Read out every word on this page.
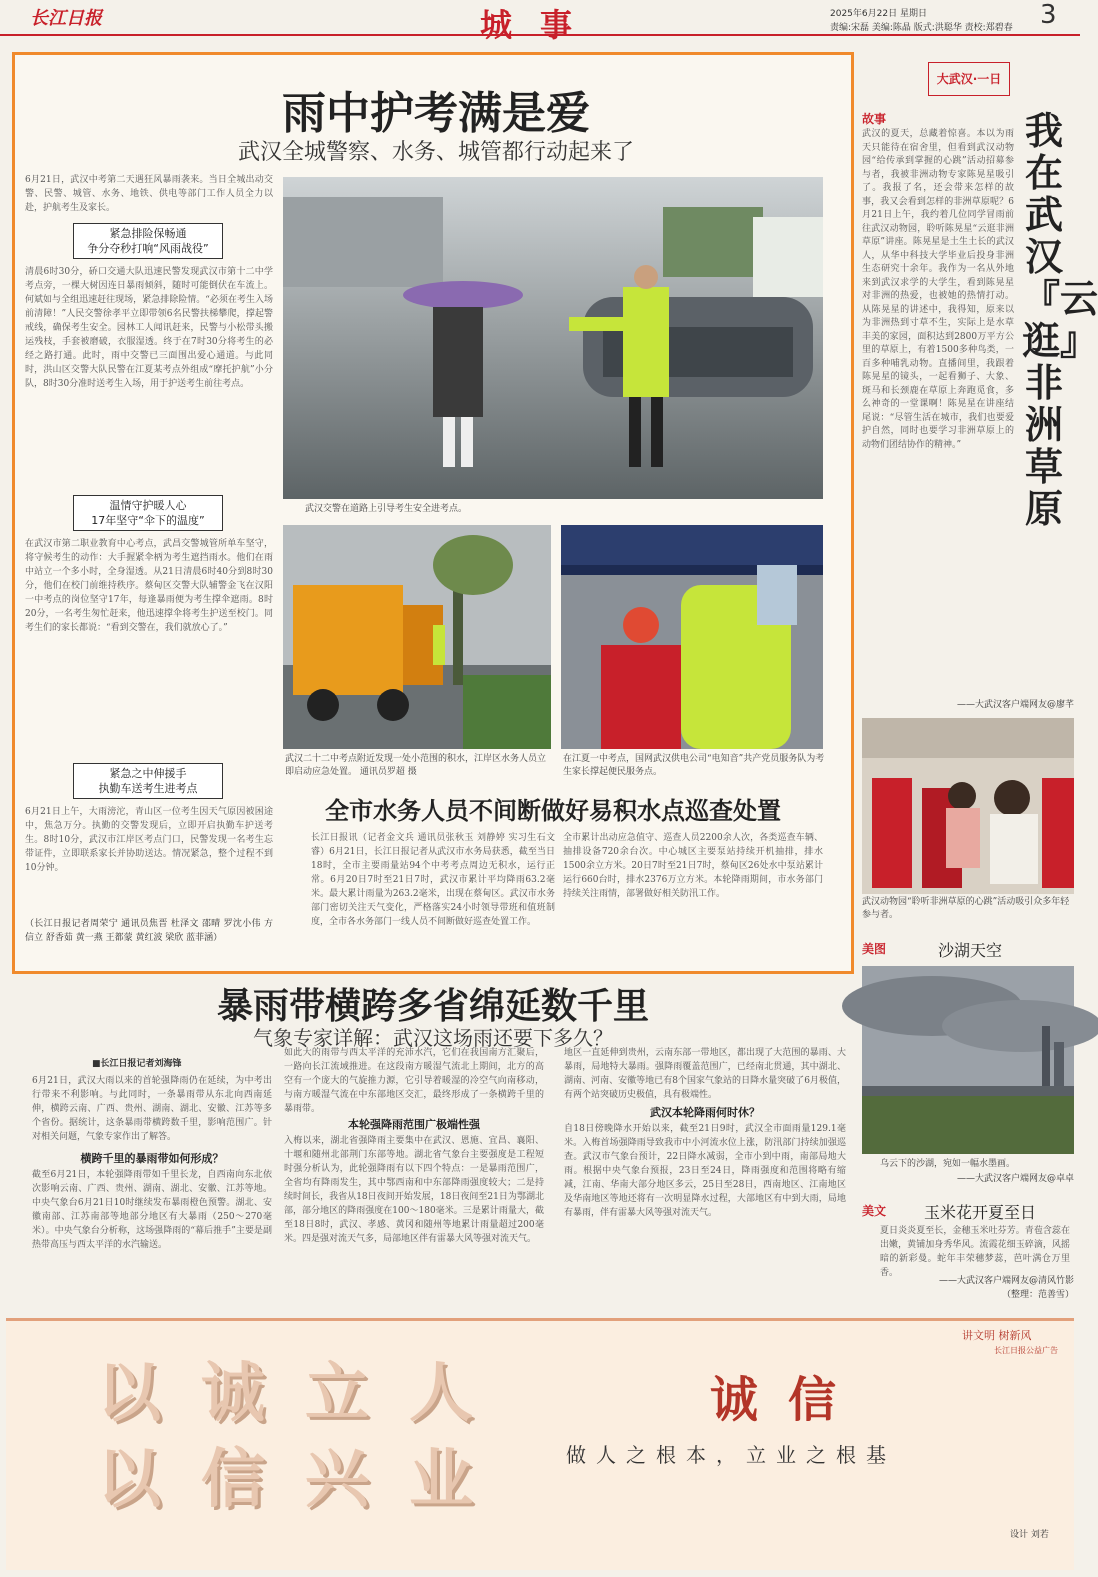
长江日报	城事	2025年6月22日 星期日
责编:宋磊 美编:陈晶 版式:洪聪华 责校:郑碧春 3
雨中护考满是爱
武汉全城警察、水务、城管都行动起来了
6月21日，武汉中考第二天遇狂风暴雨袭来。当日全城出动交警、民警、城管、水务、地铁、供电等部门工作人员全力以赴，护航考生及家长。
紧急排险保畅通
争分夺秒打响“风雨战役”
清晨6时30分，硚口交通大队迅速民警发现武汉市第十二中学考点旁，一棵大树因连日暴雨倾斜，随时可能倒伏在车流上。何斌如与全组迅速赶往现场，紧急排除险情。“必须在考生入场前清障！”人民交警徐孝平立即带领6名民警扶梯攀爬，撑起警戒线，确保考生安全。园林工人闻讯赶来，民警与小松带头搬运残枝，手套被磨破，衣服湿透。终于在7时30分将考生的必经之路打通。此时，雨中交警已三面围出爱心通道。与此同时，洪山区交警大队民警在江夏某考点外组成“摩托护航”小分队，8时30分准时送考生入场，用于护送考生前往考点。
温情守护暖人心
17年坚守“伞下的温度”
在武汉市第二职业教育中心考点，武昌交警城管所单车坚守，将守候考生的动作：大手握紧伞柄为考生遮挡雨水。他们在雨中站立一个多小时，全身湿透。从21日清晨6时40分到8时30分，他们在校门前维持秩序。蔡甸区交警大队辅警金飞在汉阳一中考点的岗位坚守17年，每逢暴雨便为考生撑伞遮雨。8时20分，一名考生匆忙赶来，他迅速撑伞将考生护送至校门。同考生们的家长都说：“看到交警在，我们就放心了。”
紧急之中伸援手
执勤车送考生进考点
6月21日上午，大雨滂沱，青山区一位考生因天气原因被困途中，焦急万分。执勤的交警发现后，立即开启执勤车护送考生。8时10分，武汉市江岸区考点门口，民警发现一名考生忘带证件，立即联系家长并协助送达。情况紧急，整个过程不到10分钟。
（长江日报记者周荣宁 通讯员焦晋 杜泽文 邵晴 罗沈小伟 方信立 舒香茹 黄一燕 王都蒙 黄红波 梁欣 蓝菲涵）
武汉交警在道路上引导考生安全进考点。
武汉二十二中考点附近发现一处小范围的积水，江岸区水务人员立即启动应急处置。 通讯员罗超 摄
在江夏一中考点，国网武汉供电公司“电知音”共产党员服务队为考生家长撑起便民服务点。
全市水务人员不间断做好易积水点巡查处置
长江日报讯（记者金文兵 通讯员张秋玉 刘静婷 实习生石文睿）6月21日，长江日报记者从武汉市水务局获悉，截至当日18时，全市主要雨量站94个中考考点周边无积水，运行正常。6月20日7时至21日7时，武汉市累计平均降雨63.2毫米。最大累计雨量为263.2毫米，出现在蔡甸区。武汉市水务部门密切关注天气变化，严格落实24小时领导带班和值班制度，全市各水务部门一线人员不间断做好巡查处置工作。
全市累计出动应急值守、巡查人员2200余人次，各类巡查车辆、抽排设备720余台次。中心城区主要泵站持续开机抽排，排水1500余立方米。20日7时至21日7时，蔡甸区26处水中泵站累计运行660台时，排水2376万立方米。本轮降雨期间，市水务部门持续关注雨情，部署做好相关防汛工作。
暴雨带横跨多省绵延数千里
气象专家详解：武汉这场雨还要下多久？
■长江日报记者刘海锋
6月21日，武汉大雨以来的首轮强降雨仍在延续，为中考出行带来不利影响。与此同时，一条暴雨带从东北向西南延伸，横跨云南、广西、贵州、湖南、湖北、安徽、江苏等多个省份。据统计，这条暴雨带横跨数千里，影响范围广。针对相关问题，气象专家作出了解答。
横跨千里的暴雨带如何形成？
截至6月21日，本轮强降雨带如千里长龙，自西南向东北依次影响云南、广西、贵州、湖南、湖北、安徽、江苏等地。中央气象台6月21日10时继续发布暴雨橙色预警。湖北、安徽南部、江苏南部等地部分地区有大暴雨（250～270毫米）。中央气象台分析称，这场强降雨的“幕后推手”主要是副热带高压与西太平洋的水汽输送。
如此大的雨带与西太平洋的充沛水汽，它们在我国南方汇聚后，一路向长江流域推进。在这段南方暖湿气流北上期间，北方的高空有一个庞大的气旋推力源，它引导着暖湿的冷空气向南移动，与南方暖湿气流在中东部地区交汇，最终形成了一条横跨千里的暴雨带。
本轮强降雨范围广极端性强
入梅以来，湖北省强降雨主要集中在武汉、恩施、宜昌、襄阳、十堰和随州北部荆门东部等地。湖北省气象台主要强度是工程短时强分析认为，此轮强降雨有以下四个特点：一是暴雨范围广，全省均有降雨发生，其中鄂西南和中东部降雨强度较大；二是持续时间长，我省从18日夜间开始发展，18日夜间至21日为鄂湖北部，部分地区的降雨强度在100～180毫米。三是累计雨量大，截至18日8时，武汉、孝感、黄冈和随州等地累计雨量超过200毫米。四是强对流天气多，局部地区伴有雷暴大风等强对流天气。
地区一直延伸到贵州，云南东部一带地区，都出现了大范围的暴雨、大暴雨，局地特大暴雨。强降雨覆盖范围广，已经南北贯通，其中湖北、湖南、河南、安徽等地已有8个国家气象站的日降水量突破了6月极值，有两个站突破历史极值，具有极端性。
武汉本轮降雨何时休？
自18日傍晚降水开始以来，截至21日9时，武汉全市面雨量129.1毫米。入梅首场强降雨导致我市中小河流水位上涨，防汛部门持续加强巡查。武汉市气象台预计，22日降水减弱，全市小到中雨，南部局地大雨。根据中央气象台预报，23日至24日，降雨强度和范围将略有缩减，江南、华南大部分地区多云，25日至28日，西南地区、江南地区及华南地区等地还将有一次明显降水过程，大部地区有中到大雨，局地有暴雨，伴有雷暴大风等强对流天气。
大武汉·一日
故事	我在武汉『云逛』非洲草原
武汉的夏天，总藏着惊喜。本以为雨天只能待在宿舍里，但看到武汉动物园“给传承到掌握的心跳”活动招募参与者，我被非洲动物专家陈晃星吸引了。我报了名，还会带来怎样的故事，我又会看到怎样的非洲草原呢？6月21日上午，我约着几位同学冒雨前往武汉动物园，聆听陈晃星“云逛非洲草原”讲座。陈晃星是土生土长的武汉人，从华中科技大学毕业后投身非洲生态研究十余年。我作为一名从外地来到武汉求学的大学生，看到陈晃星对非洲的热爱，也被她的热情打动。从陈晃星的讲述中，我得知，原来以为非洲热到寸草不生，实际上是水草丰美的家园，面积达到2800万平方公里的草原上，有着1500多种鸟类，一百多种哺乳动物。直播间里，我跟着陈晃星的镜头，一起看狮子、大象、斑马和长颈鹿在草原上奔跑觅食，多么神奇的一堂课啊！陈晃星在讲座结尾说：“尽管生活在城市，我们也要爱护自然，同时也要学习非洲草原上的动物们团结协作的精神。”
——大武汉客户端网友@廖芊
武汉动物园“聆听非洲草原的心跳”活动吸引众多年轻参与者。
美图	沙湖天空
乌云下的沙湖，宛如一幅水墨画。
——大武汉客户端网友@卓卓
美文 玉米花开夏至日
夏日炎炎夏至长，金穗玉米吐芬芳。青苞含蕊在出嫩，黄铺加身秀华风。流霞花细玉碎滴，风摇暗的新彩曼。蛇年丰荣穗梦蕊，芭叶满仓万里香。
——大武汉客户端网友@清风竹影
（整理：范善雪）
讲文明 树新风
长江日报公益广告
以 诚 立 人
以 信 兴 业
诚信
做人之根本，立业之根基
设计 刘若
